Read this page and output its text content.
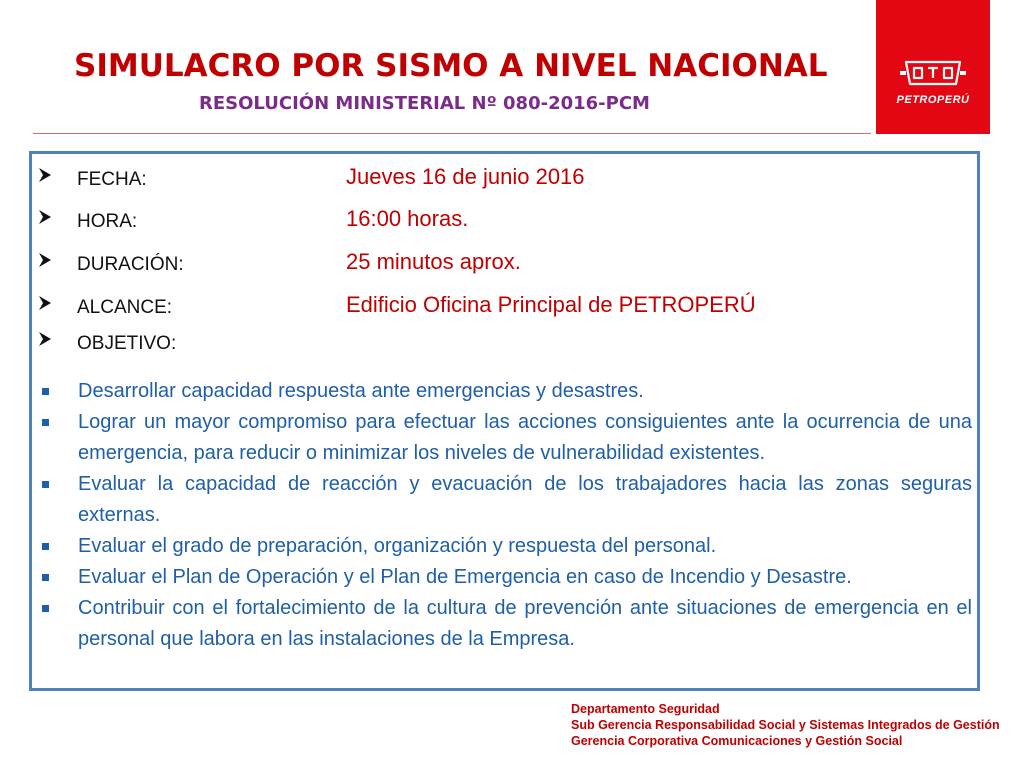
SIMULACRO POR SISMO A NIVEL NACIONAL
RESOLUCIÓN MINISTERIAL Nº 080-2016-PCM	PETROPERÚ
FECHA:	Jueves 16 de junio 2016
HORA:	16:00 horas.
DURACIÓN:	25 minutos aprox.
ALCANCE:	Edificio Oficina Principal de PETROPERÚ
OBJETIVO:
Desarrollar capacidad respuesta ante emergencias y desastres.
Lograr un mayor compromiso para efectuar las acciones consiguientes ante la ocurrencia de una emergencia, para reducir o minimizar los niveles de vulnerabilidad existentes.
Evaluar la capacidad de reacción y evacuación de los trabajadores hacia las zonas seguras externas.
Evaluar el grado de preparación, organización y respuesta del personal.
Evaluar el Plan de Operación y el Plan de Emergencia en caso de Incendio y Desastre.
Contribuir con el fortalecimiento de la cultura de prevención ante situaciones de emergencia en el personal que labora en las instalaciones de la Empresa.
Departamento Seguridad
Sub Gerencia Responsabilidad Social y Sistemas Integrados de Gestión
Gerencia Corporativa Comunicaciones y Gestión Social
